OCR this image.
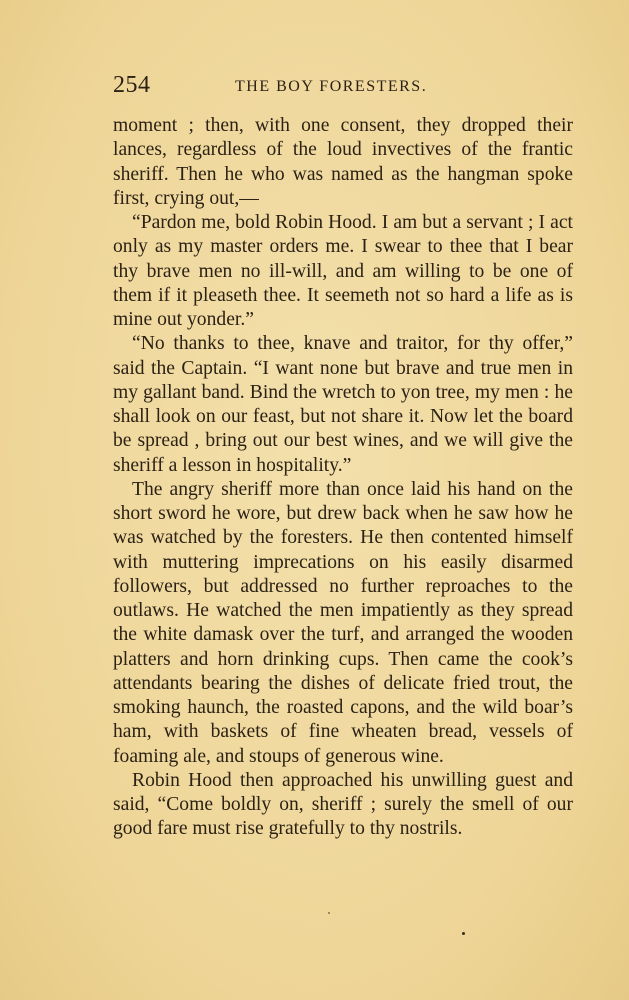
254	THE BOY FORESTERS.

moment ; then, with one consent, they dropped their lances, regardless of the loud invectives of the frantic sheriff. Then he who was named as the hangman spoke first, crying out,—

“Pardon me, bold Robin Hood. I am but a servant ; I act only as my master orders me. I swear to thee that I bear thy brave men no ill-will, and am willing to be one of them if it pleaseth thee. It seemeth not so hard a life as is mine out yonder.”

“No thanks to thee, knave and traitor, for thy offer,” said the Captain. “I want none but brave and true men in my gallant band. Bind the wretch to yon tree, my men : he shall look on our feast, but not share it. Now let the board be spread , bring out our best wines, and we will give the sheriff a lesson in hospitality.”

The angry sheriff more than once laid his hand on the short sword he wore, but drew back when he saw how he was watched by the foresters. He then contented himself with muttering imprecations on his easily disarmed followers, but addressed no further reproaches to the outlaws. He watched the men impatiently as they spread the white damask over the turf, and arranged the wooden platters and horn drinking cups. Then came the cook’s attendants bearing the dishes of delicate fried trout, the smoking haunch, the roasted capons, and the wild boar’s ham, with baskets of fine wheaten bread, vessels of foaming ale, and stoups of generous wine.

Robin Hood then approached his unwilling guest and said, “Come boldly on, sheriff ; surely the smell of our good fare must rise gratefully to thy nostrils.
